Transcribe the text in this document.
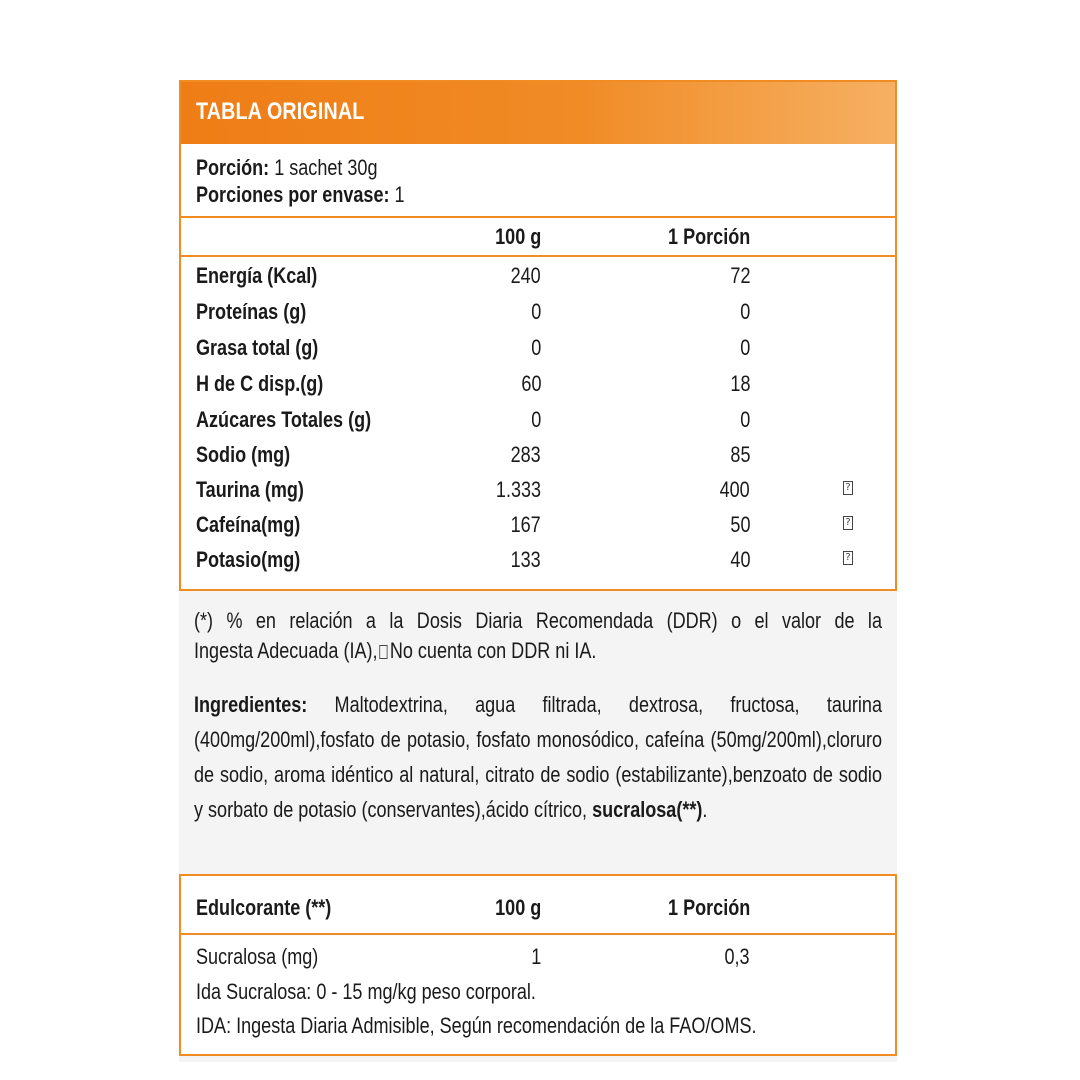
TABLA ORIGINAL
Porción: 1 sachet 30g
Porciones por envase: 1
100 g	1 Porción
Energía (Kcal)	240	72
Proteínas (g)	0	0
Grasa total (g)	0	0
H de C disp.(g)	60	18
Azúcares Totales (g)	0	0
Sodio (mg)	283	85
Taurina (mg)	1.333	400	?
Cafeína(mg)	167	50	?
Potasio(mg)	133	40	?
(*) % en relación a la Dosis Diaria Recomendada (DDR) o el valor de la
Ingesta Adecuada (IA), No cuenta con DDR ni IA.
Ingredientes: Maltodextrina, agua filtrada, dextrosa, fructosa, taurina (400mg/200ml),fosfato de potasio, fosfato monosódico, cafeína (50mg/200ml),cloruro de sodio, aroma idéntico al natural, citrato de sodio (estabilizante),benzoato de sodio y sorbato de potasio (conservantes),ácido cítrico, sucralosa(**).
Edulcorante (**)	100 g	1 Porción
Sucralosa (mg)	1	0,3
Ida Sucralosa: 0 - 15 mg/kg peso corporal.
IDA: Ingesta Diaria Admisible, Según recomendación de la FAO/OMS.
